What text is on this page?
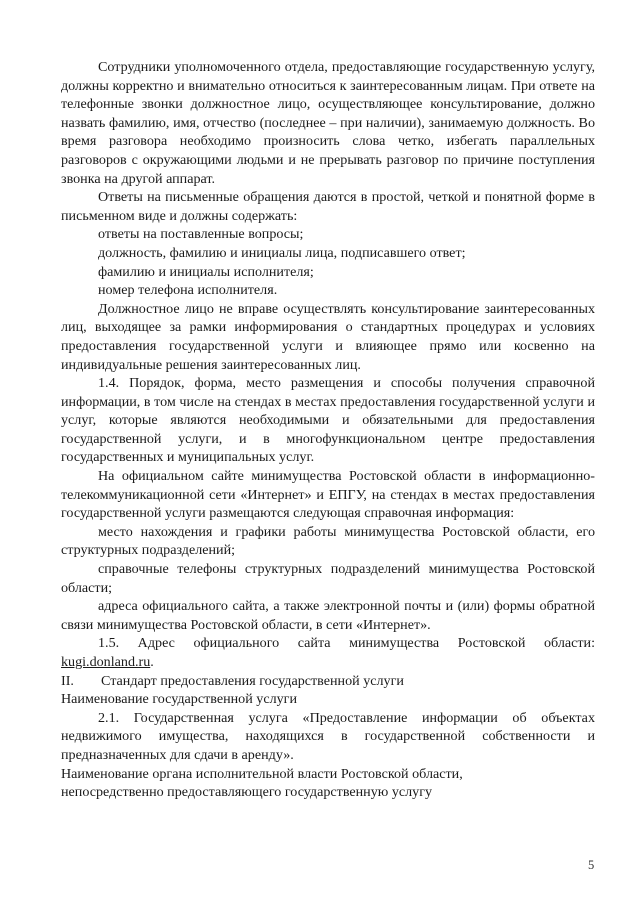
Сотрудники уполномоченного отдела, предоставляющие государственную услугу, должны корректно и внимательно относиться к заинтересованным лицам. При ответе на телефонные звонки должностное лицо, осуществляющее консультирование, должно назвать фамилию, имя, отчество (последнее – при наличии), занимаемую должность. Во время разговора необходимо произносить слова четко, избегать параллельных разговоров с окружающими людьми и не прерывать разговор по причине поступления звонка на другой аппарат.

Ответы на письменные обращения даются в простой, четкой и понятной форме в письменном виде и должны содержать:

ответы на поставленные вопросы;

должность, фамилию и инициалы лица, подписавшего ответ;

фамилию и инициалы исполнителя;

номер телефона исполнителя.

Должностное лицо не вправе осуществлять консультирование заинтересованных лиц, выходящее за рамки информирования о стандартных процедурах и условиях предоставления государственной услуги и влияющее прямо или косвенно на индивидуальные решения заинтересованных лиц.

1.4. Порядок, форма, место размещения и способы получения справочной информации, в том числе на стендах в местах предоставления государственной услуги и услуг, которые являются необходимыми и обязательными для предоставления государственной услуги, и в многофункциональном центре предоставления государственных и муниципальных услуг.

На официальном сайте минимущества Ростовской области в информационно-телекоммуникационной сети «Интернет» и ЕПГУ, на стендах в местах предоставления государственной услуги размещаются следующая справочная информация:

место нахождения и графики работы минимущества Ростовской области, его структурных подразделений;

справочные телефоны структурных подразделений минимущества Ростовской области;

адреса официального сайта, а также электронной почты и (или) формы обратной связи минимущества Ростовской области, в сети «Интернет».

1.5. Адрес официального сайта минимущества Ростовской области: kugi.donland.ru.

II. Стандарт предоставления государственной услуги

Наименование государственной услуги

2.1. Государственная услуга «Предоставление информации об объектах недвижимого имущества, находящихся в государственной собственности и предназначенных для сдачи в аренду».

Наименование органа исполнительной власти Ростовской области,
непосредственно предоставляющего государственную услугу

5
